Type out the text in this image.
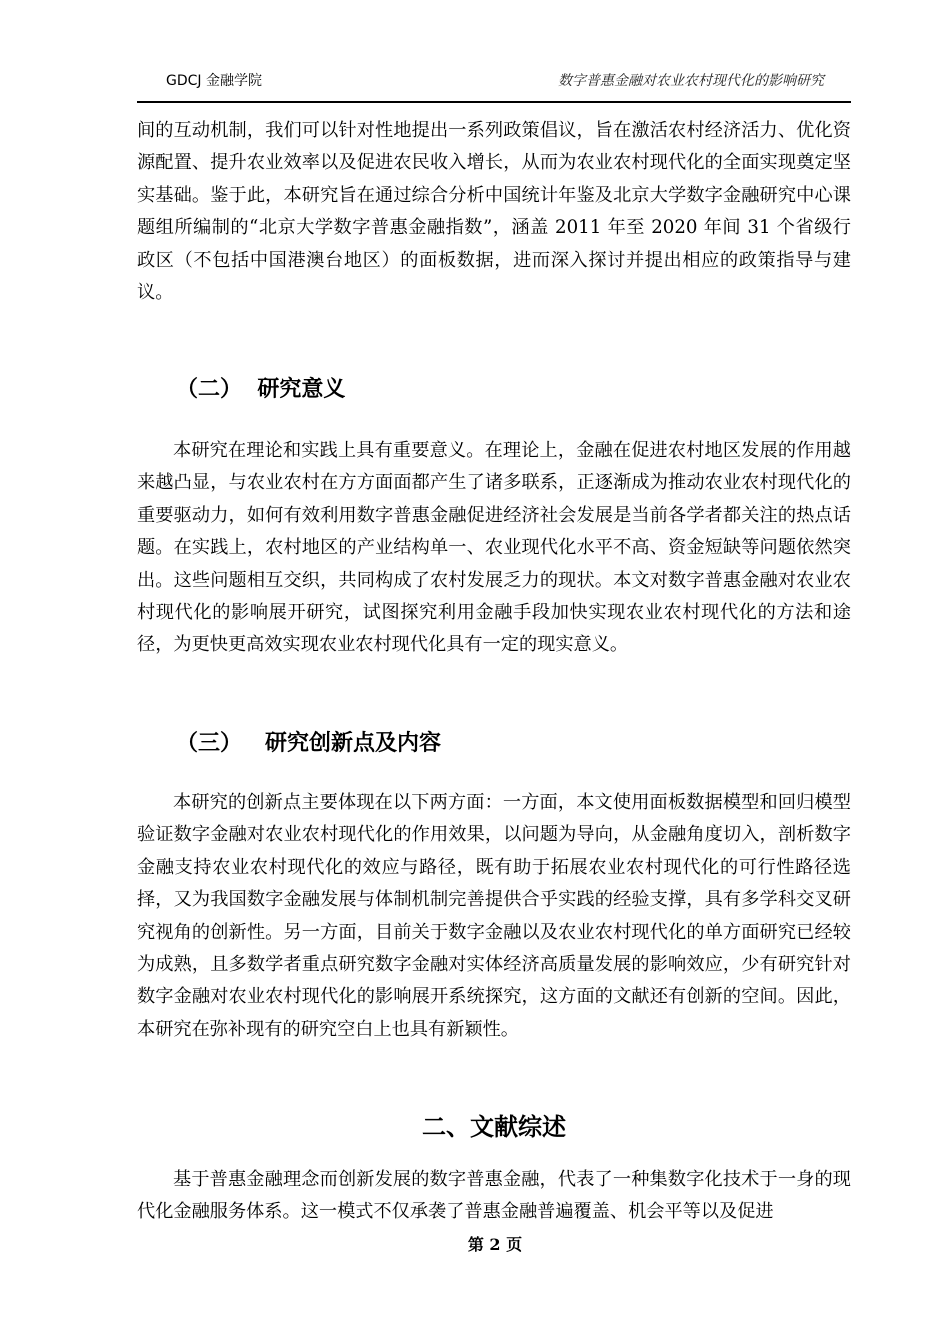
GDCJ 金融学院	数字普惠金融对农业农村现代化的影响研究

间的互动机制，我们可以针对性地提出一系列政策倡议，旨在激活农村经济活力、优化资源配置、提升农业效率以及促进农民收入增长，从而为农业农村现代化的全面实现奠定坚实基础。鉴于此，本研究旨在通过综合分析中国统计年鉴及北京大学数字金融研究中心课题组所编制的“北京大学数字普惠金融指数”，涵盖 2011 年至 2020 年间 31 个省级行政区（不包括中国港澳台地区）的面板数据，进而深入探讨并提出相应的政策指导与建议。

（二）  研究意义

本研究在理论和实践上具有重要意义。在理论上，金融在促进农村地区发展的作用越来越凸显，与农业农村在方方面面都产生了诸多联系，正逐渐成为推动农业农村现代化的重要驱动力，如何有效利用数字普惠金融促进经济社会发展是当前各学者都关注的热点话题。在实践上，农村地区的产业结构单一、农业现代化水平不高、资金短缺等问题依然突出。这些问题相互交织，共同构成了农村发展乏力的现状。本文对数字普惠金融对农业农村现代化的影响展开研究，试图探究利用金融手段加快实现农业农村现代化的方法和途径，为更快更高效实现农业农村现代化具有一定的现实意义。

（三）   研究创新点及内容

本研究的创新点主要体现在以下两方面：一方面，本文使用面板数据模型和回归模型验证数字金融对农业农村现代化的作用效果，以问题为导向，从金融角度切入，剖析数字金融支持农业农村现代化的效应与路径，既有助于拓展农业农村现代化的可行性路径选择，又为我国数字金融发展与体制机制完善提供合乎实践的经验支撑，具有多学科交叉研究视角的创新性。另一方面，目前关于数字金融以及农业农村现代化的单方面研究已经较为成熟，且多数学者重点研究数字金融对实体经济高质量发展的影响效应，少有研究针对数字金融对农业农村现代化的影响展开系统探究，这方面的文献还有创新的空间。因此，本研究在弥补现有的研究空白上也具有新颖性。

二、文献综述

基于普惠金融理念而创新发展的数字普惠金融，代表了一种集数字化技术于一身的现代化金融服务体系。这一模式不仅承袭了普惠金融普遍覆盖、机会平等以及促进

第 2 页
